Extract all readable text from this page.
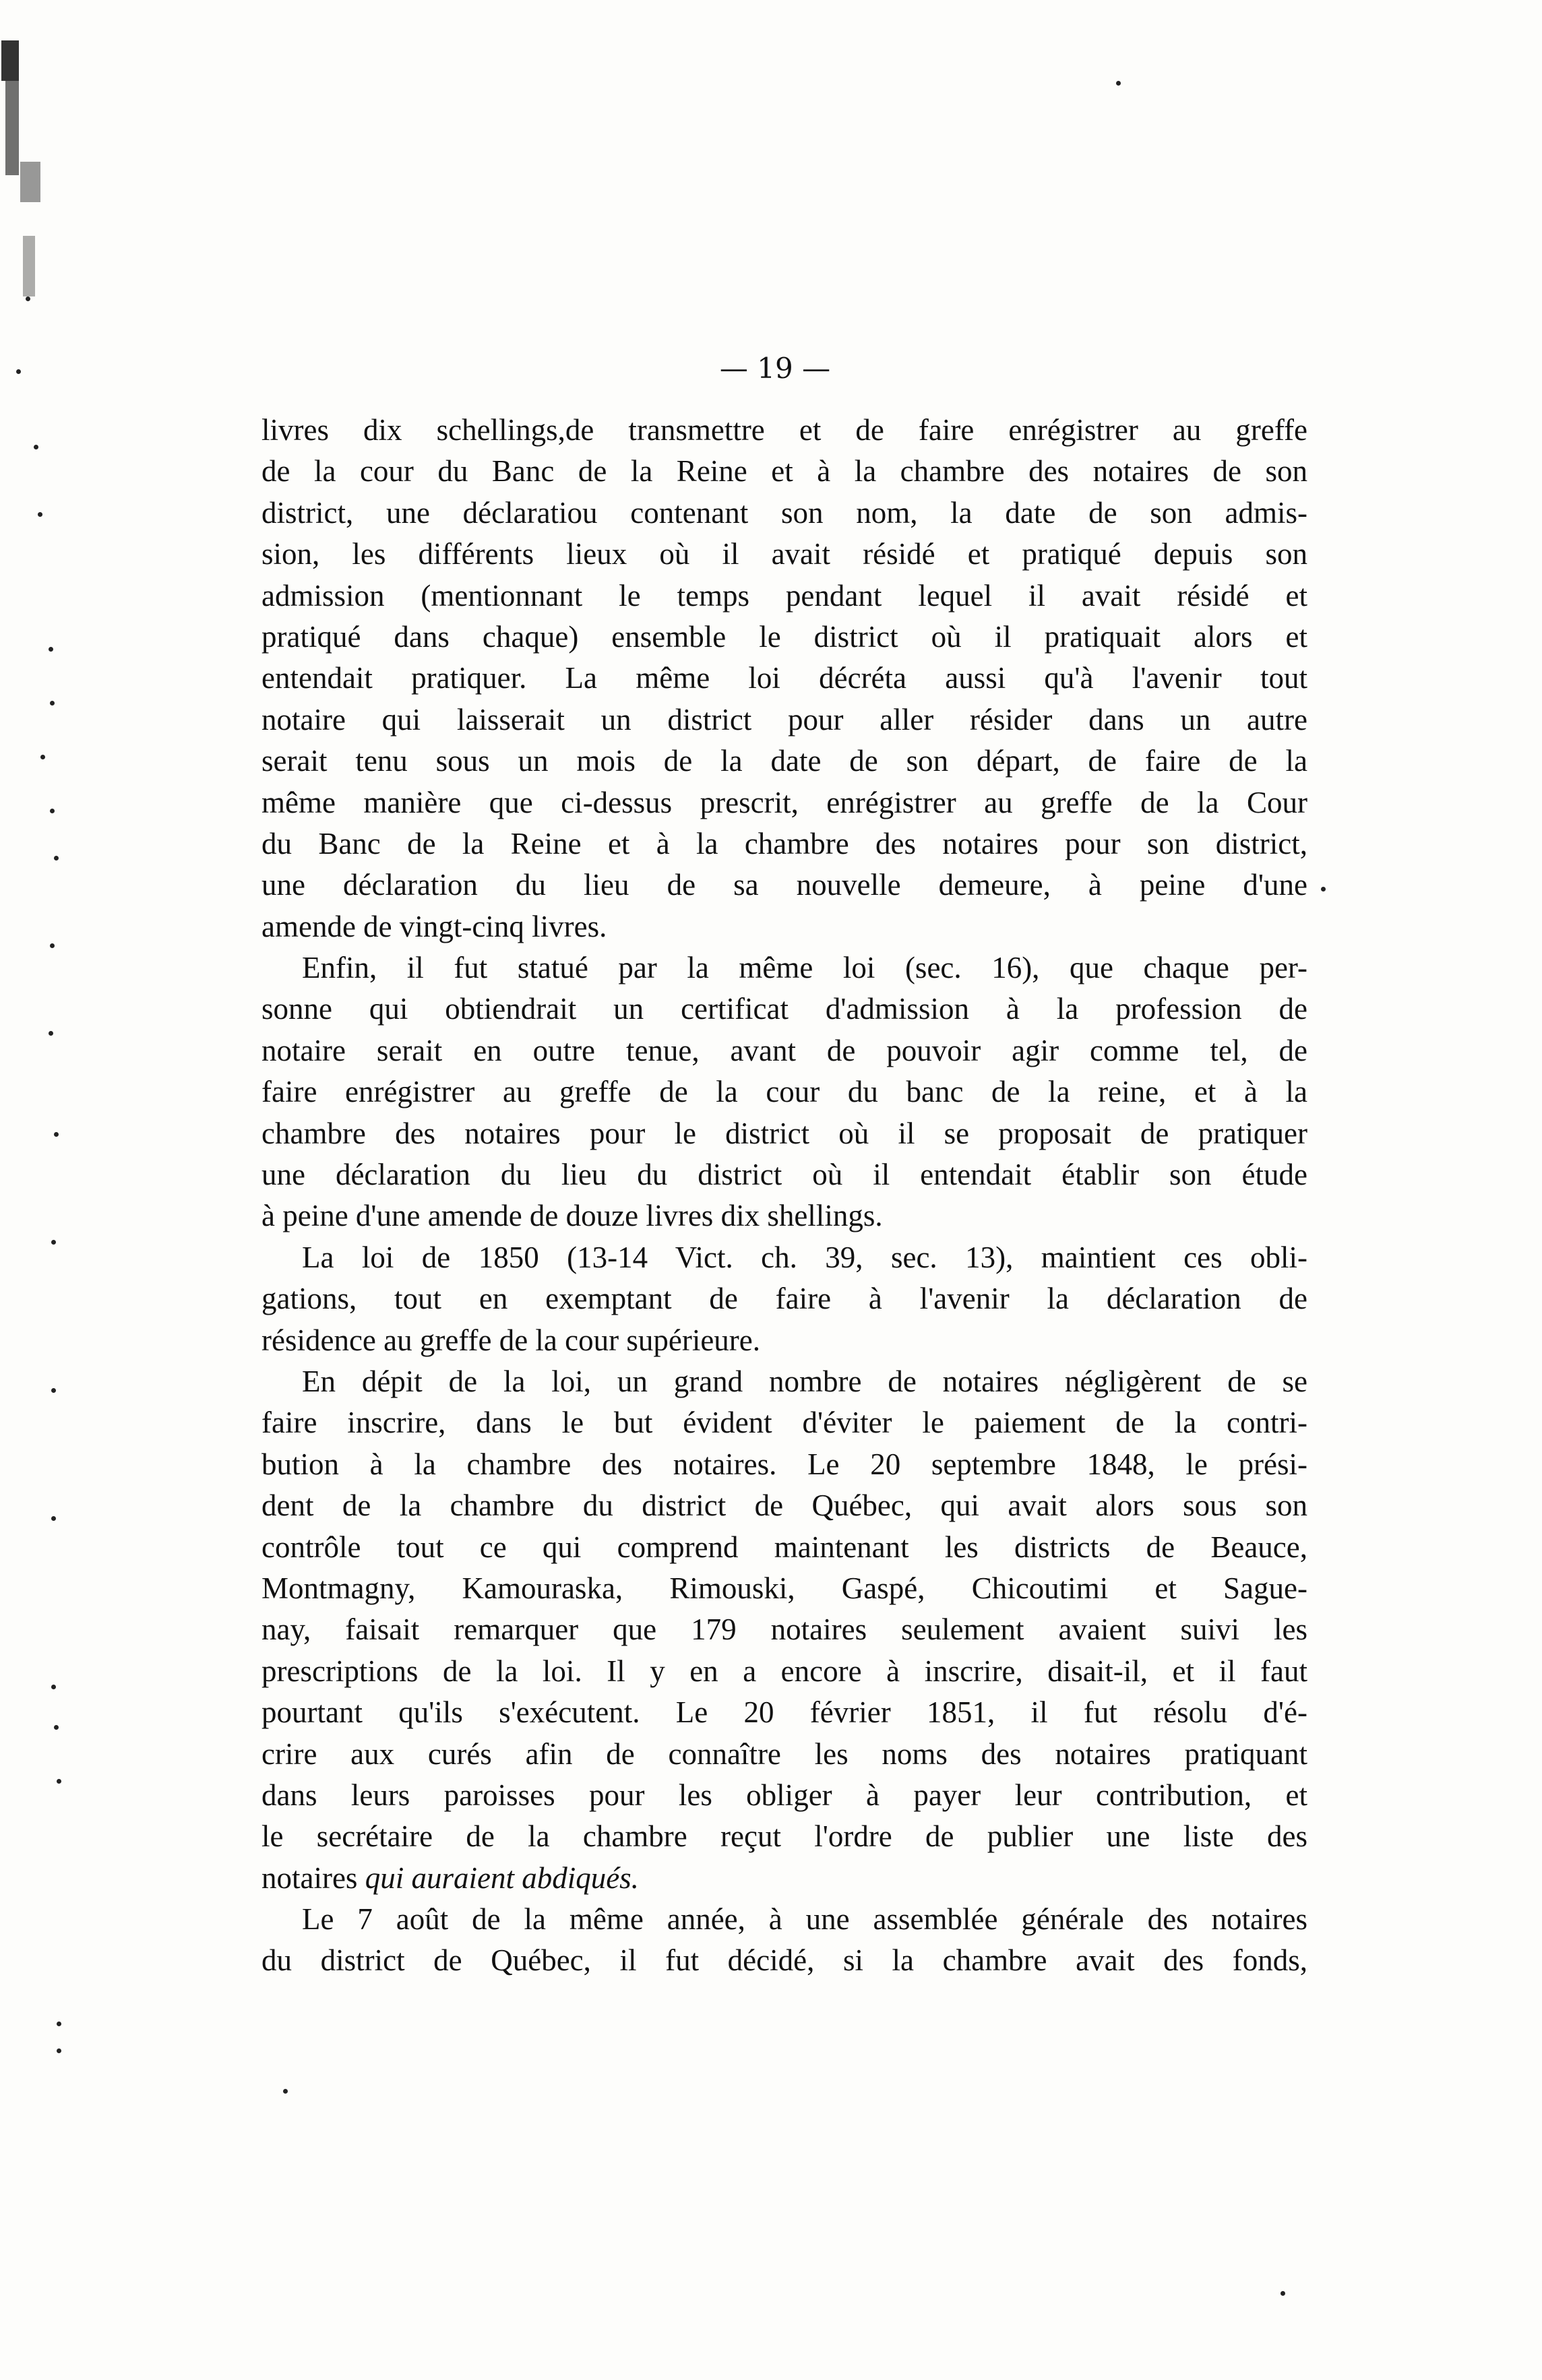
— 19 —
livres dix schellings,de transmettre et de faire enrégistrer au greffe
de la cour du Banc de la Reine et à la chambre des notaires de son
district, une déclaratiou contenant son nom, la date de son admis-
sion, les différents lieux où il avait résidé et pratiqué depuis son
admission (mentionnant le temps pendant lequel il avait résidé et
pratiqué dans chaque) ensemble le district où il pratiquait alors et
entendait pratiquer. La même loi décréta aussi qu'à l'avenir tout
notaire qui laisserait un district pour aller résider dans un autre
serait tenu sous un mois de la date de son départ, de faire de la
même manière que ci-dessus prescrit, enrégistrer au greffe de la Cour
du Banc de la Reine et à la chambre des notaires pour son district,
une déclaration du lieu de sa nouvelle demeure, à peine d'une
amende de vingt-cinq livres.
Enfin, il fut statué par la même loi (sec. 16), que chaque per-
sonne qui obtiendrait un certificat d'admission à la profession de
notaire serait en outre tenue, avant de pouvoir agir comme tel, de
faire enrégistrer au greffe de la cour du banc de la reine, et à la
chambre des notaires pour le district où il se proposait de pratiquer
une déclaration du lieu du district où il entendait établir son étude
à peine d'une amende de douze livres dix shellings.
La loi de 1850 (13-14 Vict. ch. 39, sec. 13), maintient ces obli-
gations, tout en exemptant de faire à l'avenir la déclaration de
résidence au greffe de la cour supérieure.
En dépit de la loi, un grand nombre de notaires négligèrent de se
faire inscrire, dans le but évident d'éviter le paiement de la contri-
bution à la chambre des notaires. Le 20 septembre 1848, le prési-
dent de la chambre du district de Québec, qui avait alors sous son
contrôle tout ce qui comprend maintenant les districts de Beauce,
Montmagny, Kamouraska, Rimouski, Gaspé, Chicoutimi et Sague-
nay, faisait remarquer que 179 notaires seulement avaient suivi les
prescriptions de la loi. Il y en a encore à inscrire, disait-il, et il faut
pourtant qu'ils s'exécutent. Le 20 février 1851, il fut résolu d'é-
crire aux curés afin de connaître les noms des notaires pratiquant
dans leurs paroisses pour les obliger à payer leur contribution, et
le secrétaire de la chambre reçut l'ordre de publier une liste des
notaires qui auraient abdiqués.
Le 7 août de la même année, à une assemblée générale des notaires
du district de Québec, il fut décidé, si la chambre avait des fonds,
